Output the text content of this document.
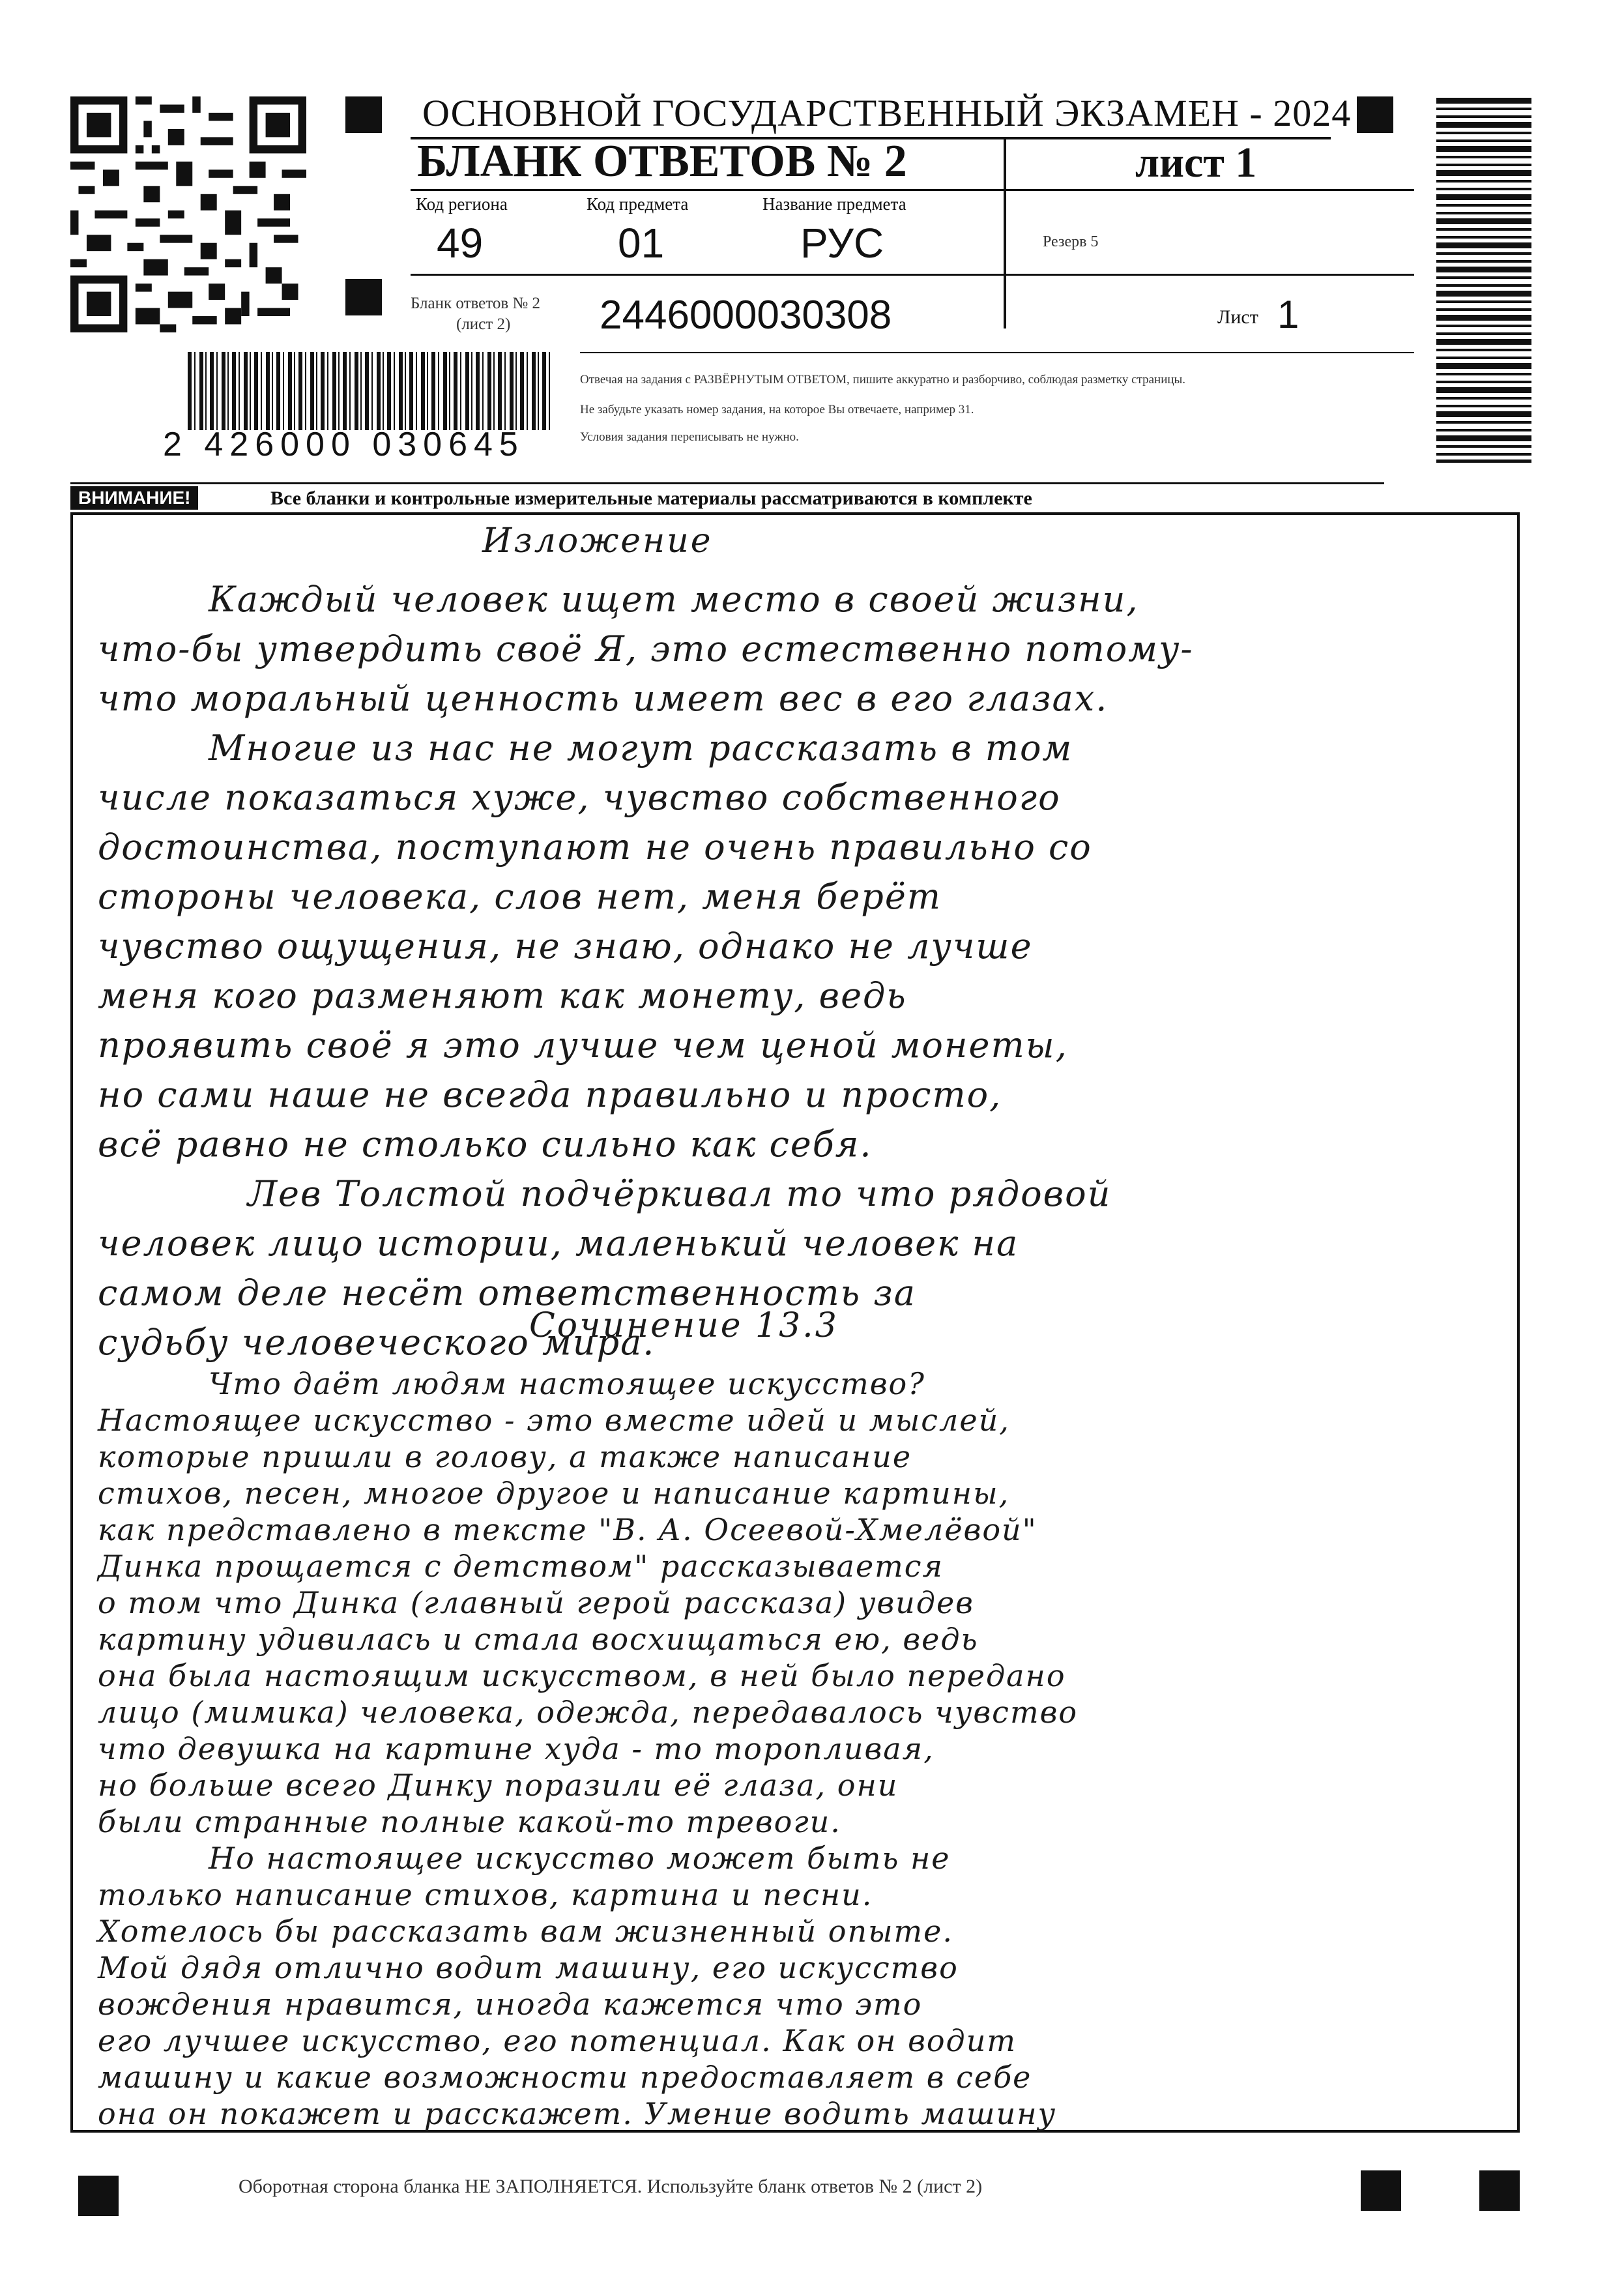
ОСНОВНОЙ ГОСУДАРСТВЕННЫЙ ЭКЗАМЕН - 2024
БЛАНК ОТВЕТОВ № 2	лист 1
Код региона	Код предмета	Название предмета
49	01	РУС	Резерв 5
Бланк ответов № 2
(лист 2) 2446000030308	Лист 1
Отвечая на задания с РАЗВЁРНУТЫМ ОТВЕТОМ, пишите аккуратно и разборчиво, соблюдая разметку страницы.
Не забудьте указать номер задания, на которое Вы отвечаете, например 31.
Условия задания переписывать не нужно.
2 426000 030645
ВНИМАНИЕ!	Все бланки и контрольные измерительные материалы рассматриваются в комплекте
Изложение
Каждый человек ищет место в своей жизни,
что-бы утвердить своё Я, это естественно потому-
что моральный ценность имеет вес в его глазах.
Многие из нас не могут рассказать в том
числе показаться хуже, чувство собственного
достоинства, поступают не очень правильно со
стороны человека, слов нет, меня берёт
чувство ощущения, не знаю, однако не лучше
меня кого разменяют как монету, ведь
проявить своё я это лучше чем ценой монеты,
но сами наше не всегда правильно и просто,
всё равно не столько сильно как себя.
Лев Толстой подчёркивал то что рядовой
человек лицо истории, маленький человек на
самом деле несёт ответственность за
судьбу человеческого мира.
Сочинение 13.3
Что даёт людям настоящее искусство?
Настоящее искусство - это вместе идей и мыслей,
которые пришли в голову, а также написание
стихов, песен, многое другое и написание картины,
как представлено в тексте "В. А. Осеевой-Хмелёвой"
Динка прощается с детством" рассказывается
о том что Динка (главный герой рассказа) увидев
картину удивилась и стала восхищаться ею, ведь
она была настоящим искусством, в ней было передано
лицо (мимика) человека, одежда, передавалось чувство
что девушка на картине худа - то торопливая,
но больше всего Динку поразили её глаза, они
были странные полные какой-то тревоги.
Но настоящее искусство может быть не
только написание стихов, картина и песни.
Хотелось бы рассказать вам жизненный опыте.
Мой дядя отлично водит машину, его искусство
вождения нравится, иногда кажется что это
его лучшее искусство, его потенциал. Как он водит
машину и какие возможности предоставляет в себе
она он покажет и расскажет. Умение водить машину
Оборотная сторона бланка НЕ ЗАПОЛНЯЕТСЯ. Используйте бланк ответов № 2 (лист 2)
